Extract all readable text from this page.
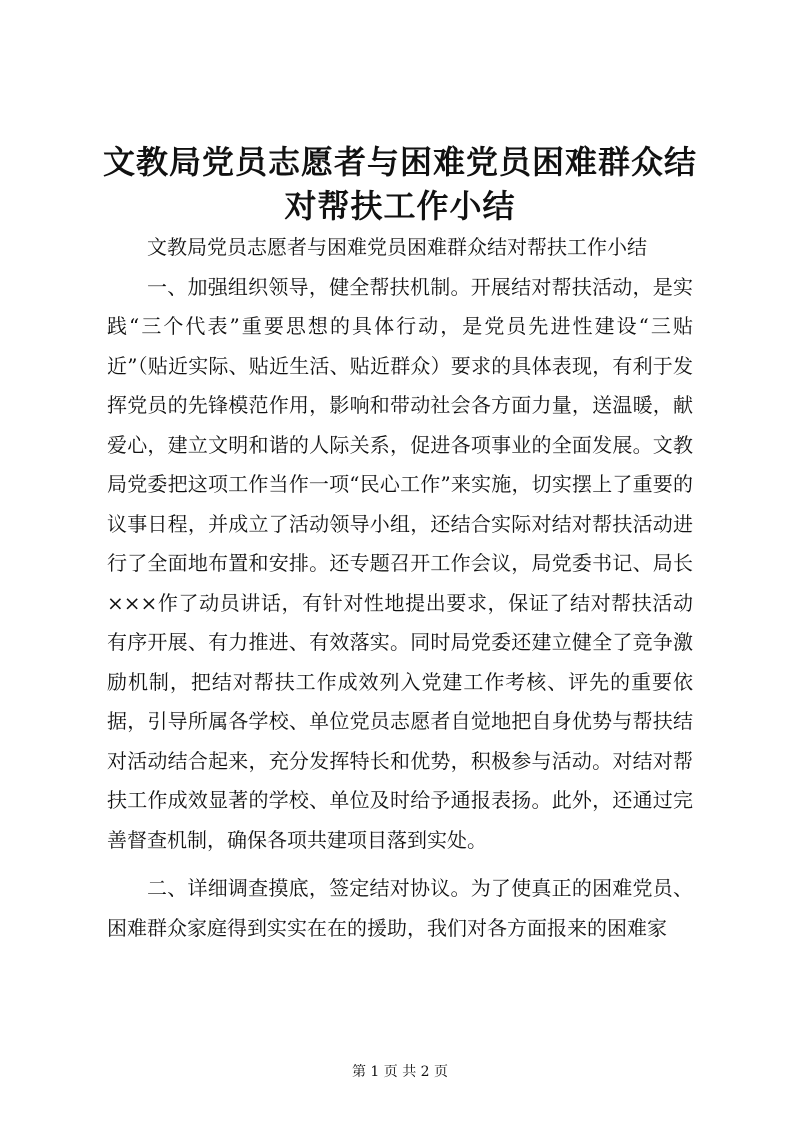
文教局党员志愿者与困难党员困难群众结对帮扶工作小结

文教局党员志愿者与困难党员困难群众结对帮扶工作小结

一、加强组织领导，健全帮扶机制。开展结对帮扶活动，是实践“三个代表”重要思想的具体行动，是党员先进性建设“三贴近”（贴近实际、贴近生活、贴近群众）要求的具体表现，有利于发挥党员的先锋模范作用，影响和带动社会各方面力量，送温暖，献爱心，建立文明和谐的人际关系，促进各项事业的全面发展。文教局党委把这项工作当作一项“民心工作”来实施，切实摆上了重要的议事日程，并成立了活动领导小组，还结合实际对结对帮扶活动进行了全面地布置和安排。还专题召开工作会议，局党委书记、局长×××作了动员讲话，有针对性地提出要求，保证了结对帮扶活动有序开展、有力推进、有效落实。同时局党委还建立健全了竞争激励机制，把结对帮扶工作成效列入党建工作考核、评先的重要依据，引导所属各学校、单位党员志愿者自觉地把自身优势与帮扶结对活动结合起来，充分发挥特长和优势，积极参与活动。对结对帮扶工作成效显著的学校、单位及时给予通报表扬。此外，还通过完善督查机制，确保各项共建项目落到实处。

二、详细调查摸底，签定结对协议。为了使真正的困难党员、困难群众家庭得到实实在在的援助，我们对各方面报来的困难家

第 1 页 共 2 页
